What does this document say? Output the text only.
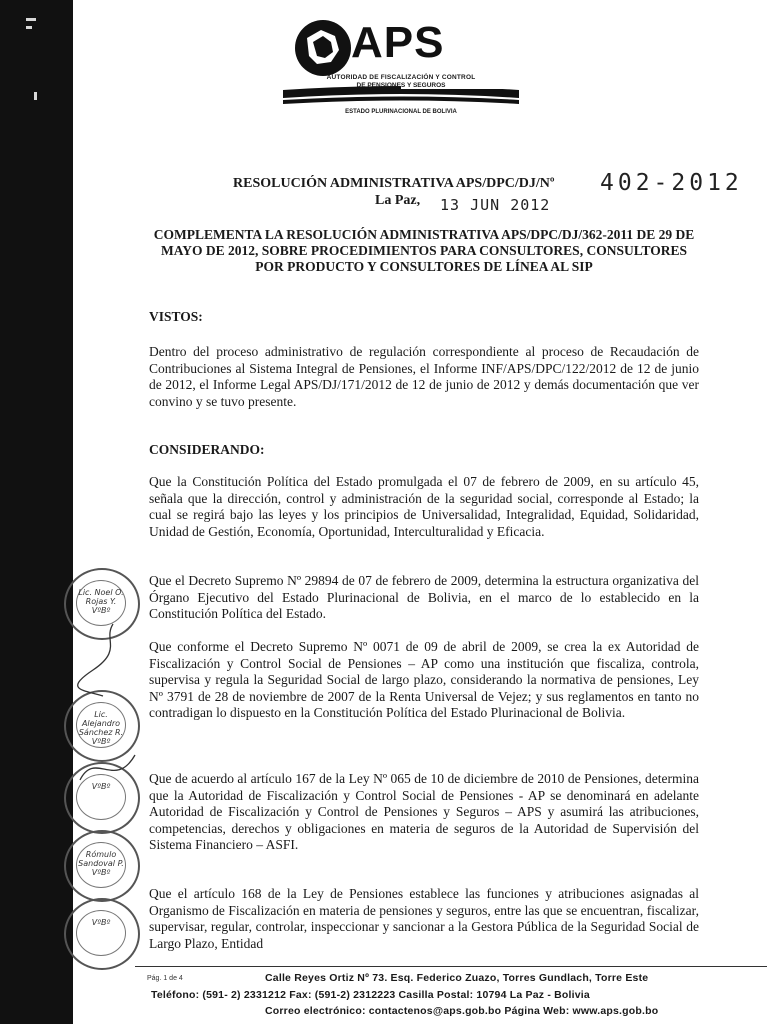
APS
AUTORIDAD DE FISCALIZACIÓN Y CONTROL
DE PENSIONES Y SEGUROS
ESTADO PLURINACIONAL DE BOLIVIA
RESOLUCIÓN ADMINISTRATIVA APS/DPC/DJ/Nº 402-2012
La Paz, 13 JUN 2012
COMPLEMENTA LA RESOLUCIÓN ADMINISTRATIVA APS/DPC/DJ/362-2011 DE 29 DE MAYO DE 2012, SOBRE PROCEDIMIENTOS PARA CONSULTORES, CONSULTORES POR PRODUCTO Y CONSULTORES DE LÍNEA AL SIP
VISTOS:
Dentro del proceso administrativo de regulación correspondiente al proceso de Recaudación de Contribuciones al Sistema Integral de Pensiones, el Informe INF/APS/DPC/122/2012 de 12 de junio de 2012, el Informe Legal APS/DJ/171/2012 de 12 de junio de 2012 y demás documentación que ver convino y se tuvo presente.
CONSIDERANDO:
Que la Constitución Política del Estado promulgada el 07 de febrero de 2009, en su artículo 45, señala que la dirección, control y administración de la seguridad social, corresponde al Estado; la cual se regirá bajo las leyes y los principios de Universalidad, Integralidad, Equidad, Solidaridad, Unidad de Gestión, Economía, Oportunidad, Interculturalidad y Eficacia.
Que el Decreto Supremo Nº 29894 de 07 de febrero de 2009, determina la estructura organizativa del Órgano Ejecutivo del Estado Plurinacional de Bolivia, en el marco de lo establecido en la Constitución Política del Estado.
Que conforme el Decreto Supremo Nº 0071 de 09 de abril de 2009, se crea la ex Autoridad de Fiscalización y Control Social de Pensiones – AP como una institución que fiscaliza, controla, supervisa y regula la Seguridad Social de largo plazo, considerando la normativa de pensiones, Ley Nº 3791 de 28 de noviembre de 2007 de la Renta Universal de Vejez; y sus reglamentos en tanto no contradigan lo dispuesto en la Constitución Política del Estado Plurinacional de Bolivia.
Que de acuerdo al artículo 167 de la Ley Nº 065 de 10 de diciembre de 2010 de Pensiones, determina que la Autoridad de Fiscalización y Control Social de Pensiones - AP se denominará en adelante Autoridad de Fiscalización y Control de Pensiones y Seguros – APS y asumirá las atribuciones, competencias, derechos y obligaciones en materia de seguros de la Autoridad de Supervisión del Sistema Financiero – ASFI.
Que el artículo 168 de la Ley de Pensiones establece las funciones y atribuciones asignadas al Organismo de Fiscalización en materia de pensiones y seguros, entre las que se encuentran, fiscalizar, supervisar, regular, controlar, inspeccionar y sancionar a la Gestora Pública de la Seguridad Social de Largo Plazo, Entidad
Lic. Noel O. Rojas Y. VºBº
Lic. Alejandro Sánchez R. VºBº
VºBº
Rómulo Sandoval P. VºBº
VºBº
Pág. 1 de 4	Calle Reyes Ortiz Nº 73. Esq. Federico Zuazo, Torres Gundlach, Torre Este
Teléfono: (591- 2) 2331212 Fax: (591-2) 2312223 Casilla Postal: 10794 La Paz - Bolivia
Correo electrónico: contactenos@aps.gob.bo Página Web: www.aps.gob.bo
